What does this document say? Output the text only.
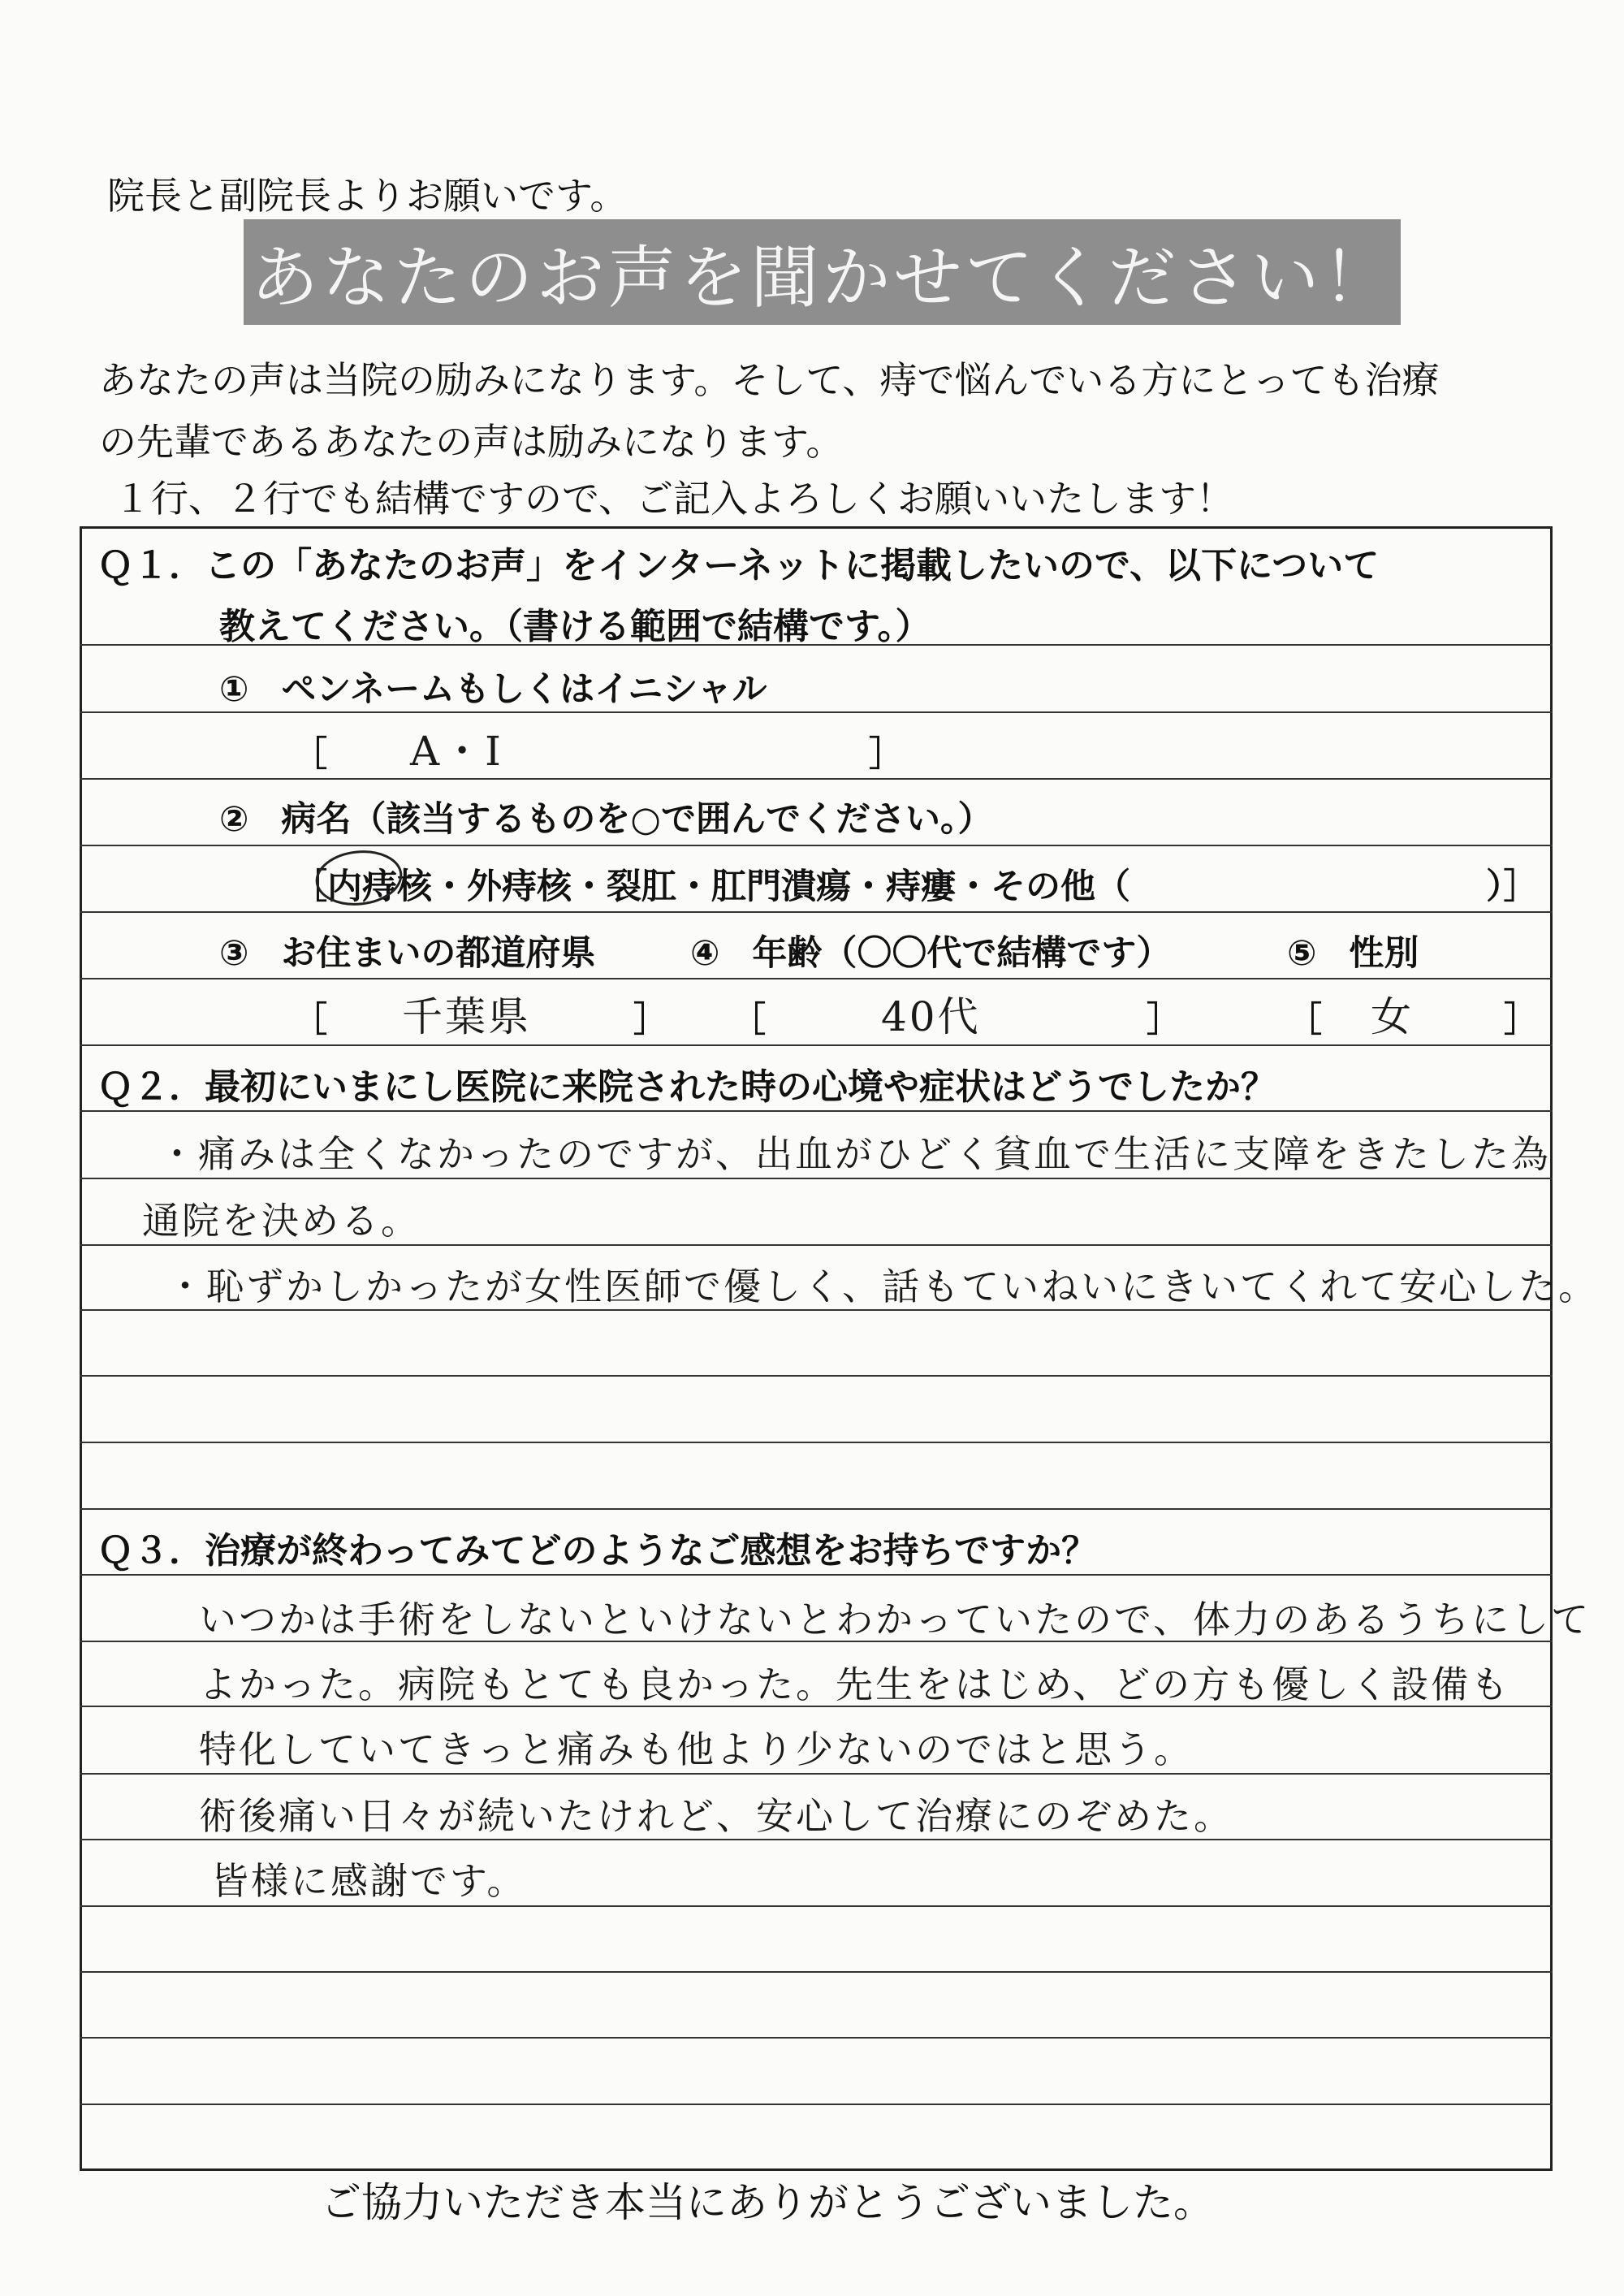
院長と副院長よりお願いです。
あなたのお声を聞かせてください！
あなたの声は当院の励みになります。そして、痔で悩んでいる方にとっても治療
の先輩であるあなたの声は励みになります。
１行、２行でも結構ですので、ご記入よろしくお願いいたします！
Ｑ１．この「あなたのお声」をインターネットに掲載したいので、以下について
教えてください。（書ける範囲で結構です。）
① ペンネームもしくはイニシャル
［ A・I	］
② 病名（該当するものを○で囲んでください。）
［内痔核・外痔核・裂肛・肛門潰瘍・痔瘻・その他（	）］
③ お住まいの都道府県	④ 年齢（〇〇代で結構です）	⑤ 性別
［ 千葉県	］ ［	40代	］	［ 女	］
Ｑ２．最初にいまにし医院に来院された時の心境や症状はどうでしたか？
・痛みは全くなかったのですが、出血がひどく貧血で生活に支障をきたした為
通院を決める。
・恥ずかしかったが女性医師で優しく、話もていねいにきいてくれて安心した。
Ｑ３．治療が終わってみてどのようなご感想をお持ちですか？
いつかは手術をしないといけないとわかっていたので、体力のあるうちにして
よかった。病院もとても良かった。先生をはじめ、どの方も優しく設備も
特化していてきっと痛みも他より少ないのではと思う。
術後痛い日々が続いたけれど、安心して治療にのぞめた。
皆様に感謝です。
ご協力いただき本当にありがとうございました。
